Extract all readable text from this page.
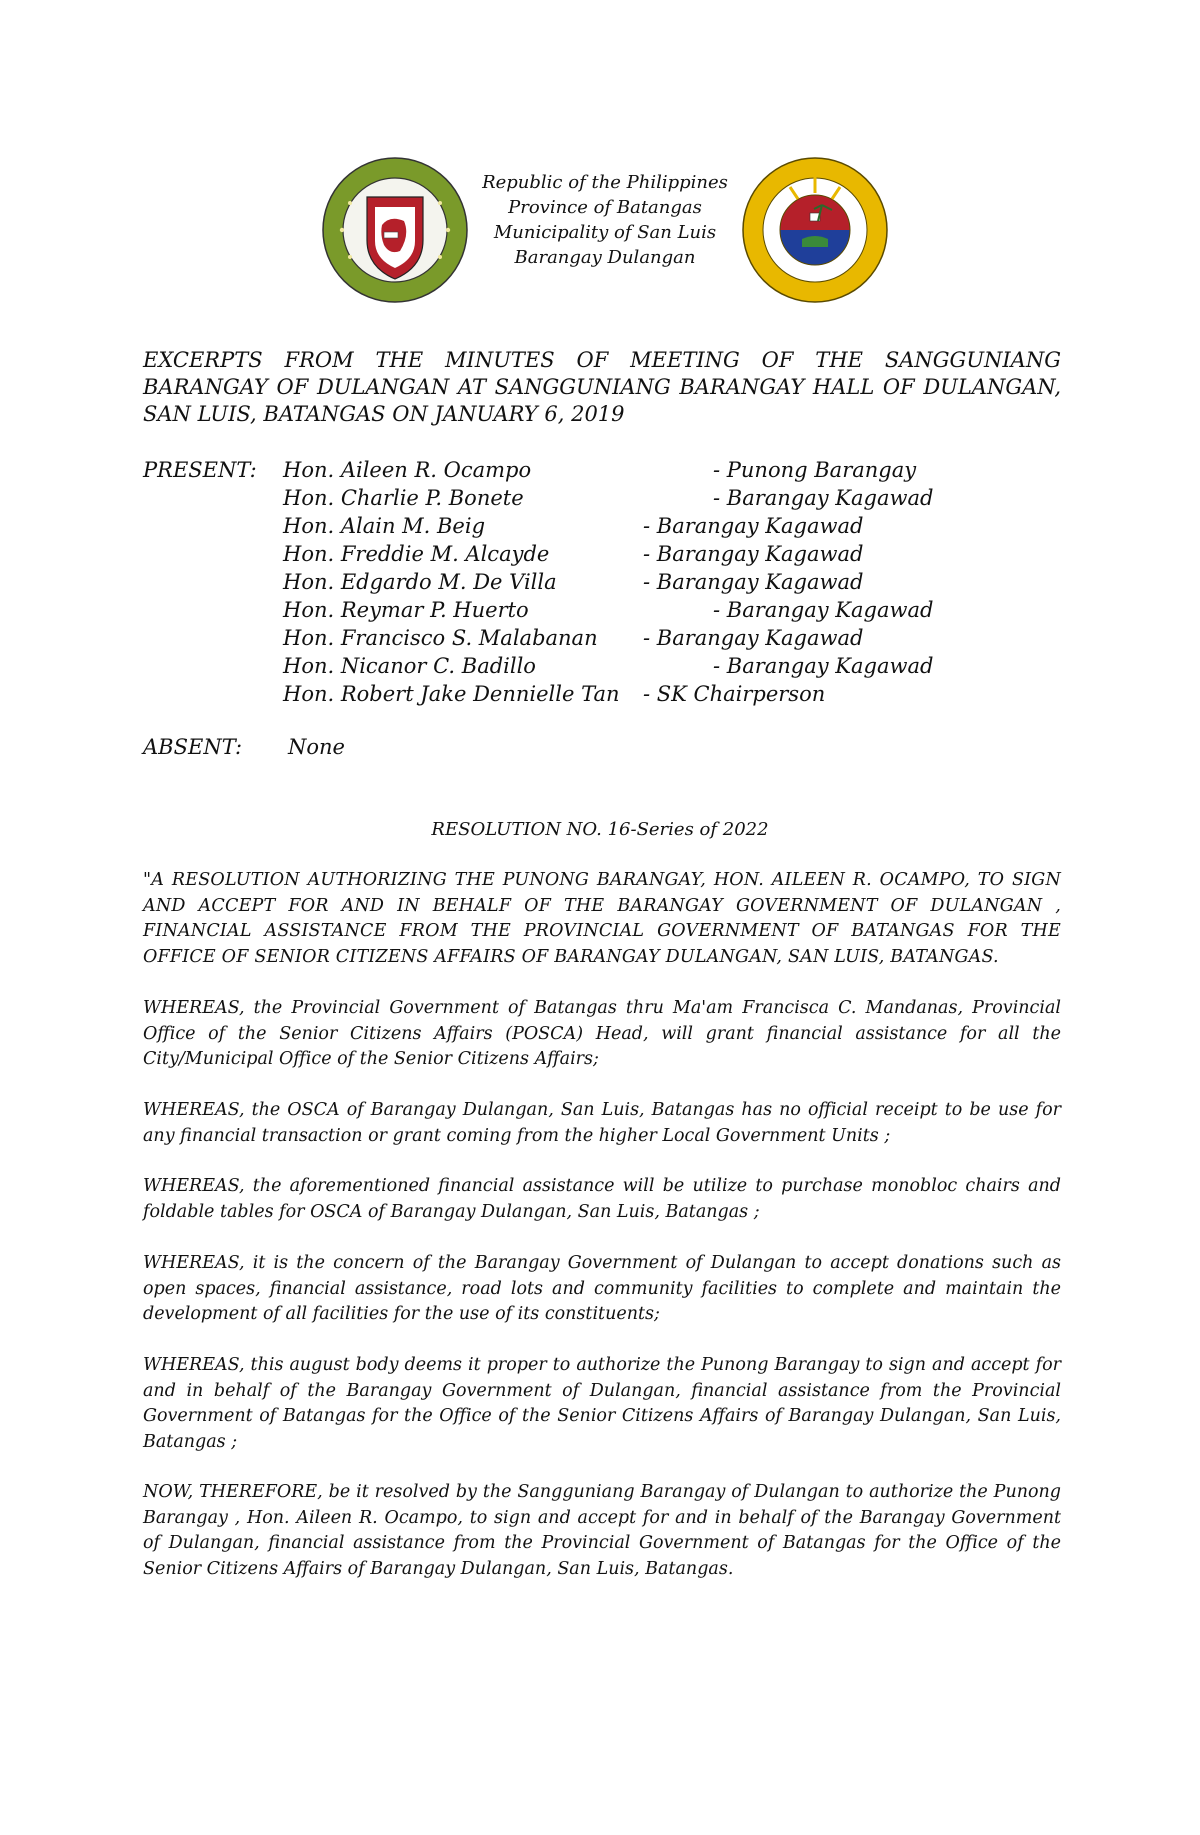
Republic of the Philippines
Province of Batangas
Municipality of San Luis
Barangay Dulangan
EXCERPTS FROM THE MINUTES OF MEETING OF THE SANGGUNIANG BARANGAY OF DULANGAN AT SANGGUNIANG BARANGAY HALL OF DULANGAN, SAN LUIS, BATANGAS ON JANUARY 6, 2019
PRESENT: Hon. Aileen R. Ocampo	- Punong Barangay
Hon. Charlie P. Bonete	- Barangay Kagawad
Hon. Alain M. Beig	- Barangay Kagawad
Hon. Freddie M. Alcayde	- Barangay Kagawad
Hon. Edgardo M. De Villa	- Barangay Kagawad
Hon. Reymar P. Huerto	- Barangay Kagawad
Hon. Francisco S. Malabanan - Barangay Kagawad
Hon. Nicanor C. Badillo	- Barangay Kagawad
Hon. Robert Jake Dennielle Tan - SK Chairperson
ABSENT: None
RESOLUTION NO. 16-Series of 2022
"A RESOLUTION AUTHORIZING THE PUNONG BARANGAY, HON. AILEEN R. OCAMPO, TO SIGN AND ACCEPT FOR AND IN BEHALF OF THE BARANGAY GOVERNMENT OF DULANGAN , FINANCIAL ASSISTANCE FROM THE PROVINCIAL GOVERNMENT OF BATANGAS FOR THE OFFICE OF SENIOR CITIZENS AFFAIRS OF BARANGAY DULANGAN, SAN LUIS, BATANGAS.
WHEREAS, the Provincial Government of Batangas thru Ma'am Francisca C. Mandanas, Provincial Office of the Senior Citizens Affairs (POSCA) Head, will grant financial assistance for all the City/Municipal Office of the Senior Citizens Affairs;
WHEREAS, the OSCA of Barangay Dulangan, San Luis, Batangas has no official receipt to be use for any financial transaction or grant coming from the higher Local Government Units ;
WHEREAS, the aforementioned financial assistance will be utilize to purchase monobloc chairs and foldable tables for OSCA of Barangay Dulangan, San Luis, Batangas ;
WHEREAS, it is the concern of the Barangay Government of Dulangan to accept donations such as open spaces, financial assistance, road lots and community facilities to complete and maintain the development of all facilities for the use of its constituents;
WHEREAS, this august body deems it proper to authorize the Punong Barangay to sign and accept for and in behalf of the Barangay Government of Dulangan, financial assistance from the Provincial Government of Batangas for the Office of the Senior Citizens Affairs of Barangay Dulangan, San Luis, Batangas ;
NOW, THEREFORE, be it resolved by the Sangguniang Barangay of Dulangan to authorize the Punong Barangay , Hon. Aileen R. Ocampo, to sign and accept for and in behalf of the Barangay Government of Dulangan, financial assistance from the Provincial Government of Batangas for the Office of the Senior Citizens Affairs of Barangay Dulangan, San Luis, Batangas.
